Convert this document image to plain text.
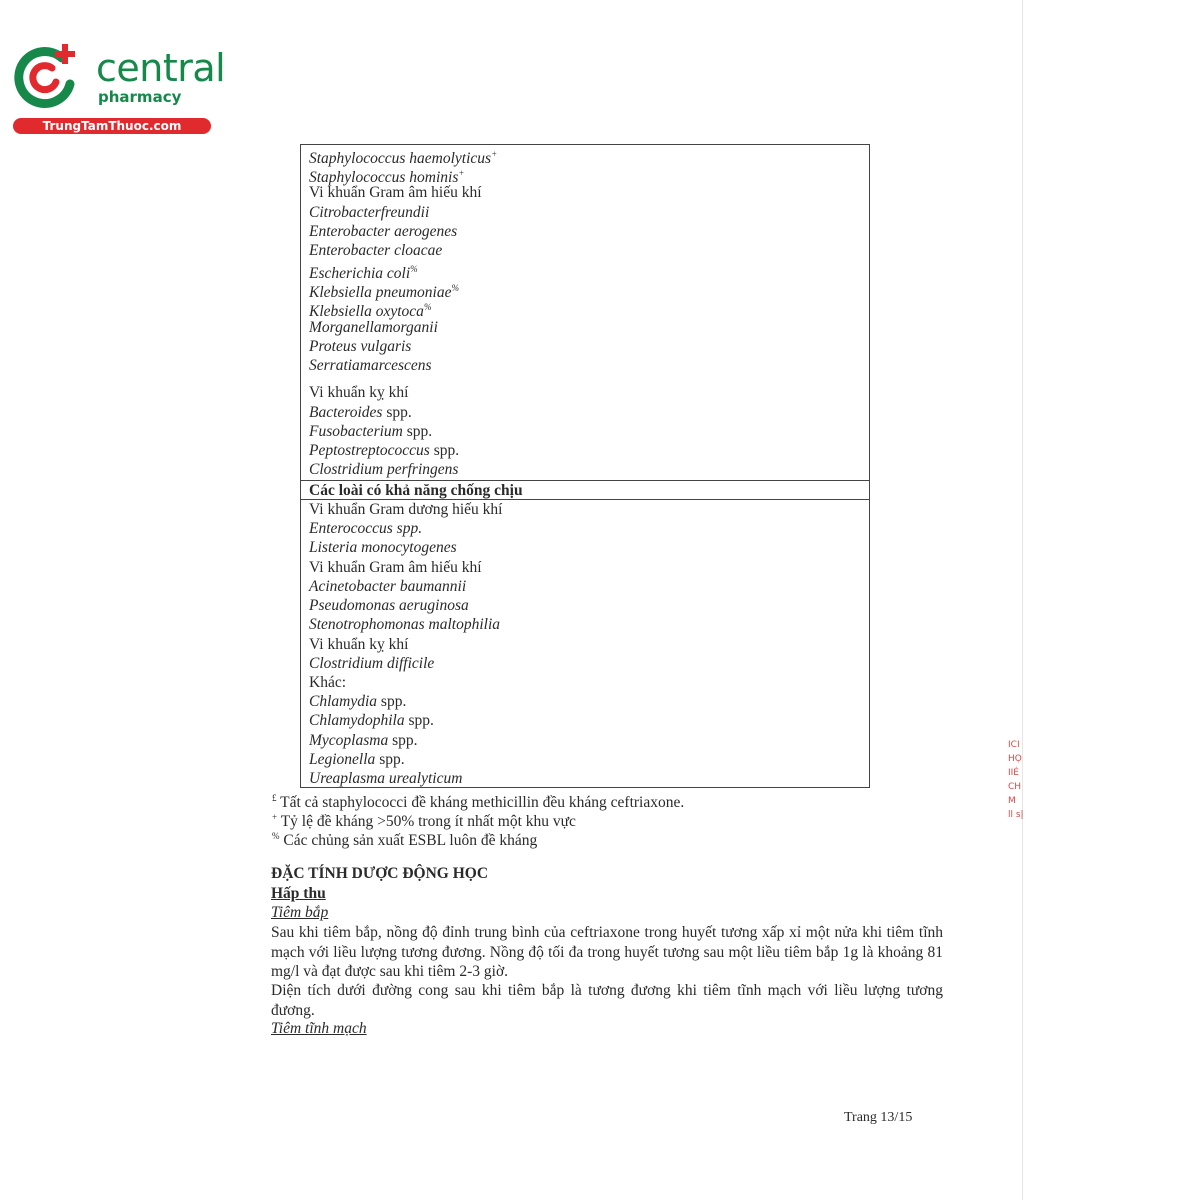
central
pharmacy
TrungTamThuoc.com
Staphylococcus haemolyticus+
Staphylococcus hominis+
Vi khuẩn Gram âm hiếu khí
Citrobacterfreundii
Enterobacter aerogenes
Enterobacter cloacae
Escherichia coli%
Klebsiella pneumoniae%
Klebsiella oxytoca%
Morganellamorganii
Proteus vulgaris
Serratiamarcescens
Vi khuẩn kỵ khí
Bacteroides spp.
Fusobacterium spp.
Peptostreptococcus spp.
Clostridium perfringens
Các loài có khả năng chống chịu
Vi khuẩn Gram dương hiếu khí
Enterococcus spp.
Listeria monocytogenes
Vi khuẩn Gram âm hiếu khí
Acinetobacter baumannii
Pseudomonas aeruginosa
Stenotrophomonas maltophilia
Vi khuẩn kỵ khí
Clostridium difficile
Khác:
Chlamydia spp.
Chlamydophila spp.
Mycoplasma spp.
Legionella spp.
Ureaplasma urealyticum
£ Tất cả staphylococci đề kháng methicillin đều kháng ceftriaxone.
+ Tỷ lệ đề kháng >50% trong ít nhất một khu vực
% Các chủng sản xuất ESBL luôn đề kháng
ĐẶC TÍNH DƯỢC ĐỘNG HỌC
Hấp thu
Tiêm bắp
Sau khi tiêm bắp, nồng độ đỉnh trung bình của ceftriaxone trong huyết tương xấp xỉ một nửa khi tiêm tĩnh mạch với liều lượng tương đương. Nồng độ tối đa trong huyết tương sau một liều tiêm bắp 1g là khoảng 81 mg/l và đạt được sau khi tiêm 2-3 giờ.
Diện tích dưới đường cong sau khi tiêm bắp là tương đương khi tiêm tĩnh mạch với liều lượng tương đương.
Tiêm tĩnh mạch
Trang 13/15
ICI
HỌ
IIÉ
CH
M
ll s|
